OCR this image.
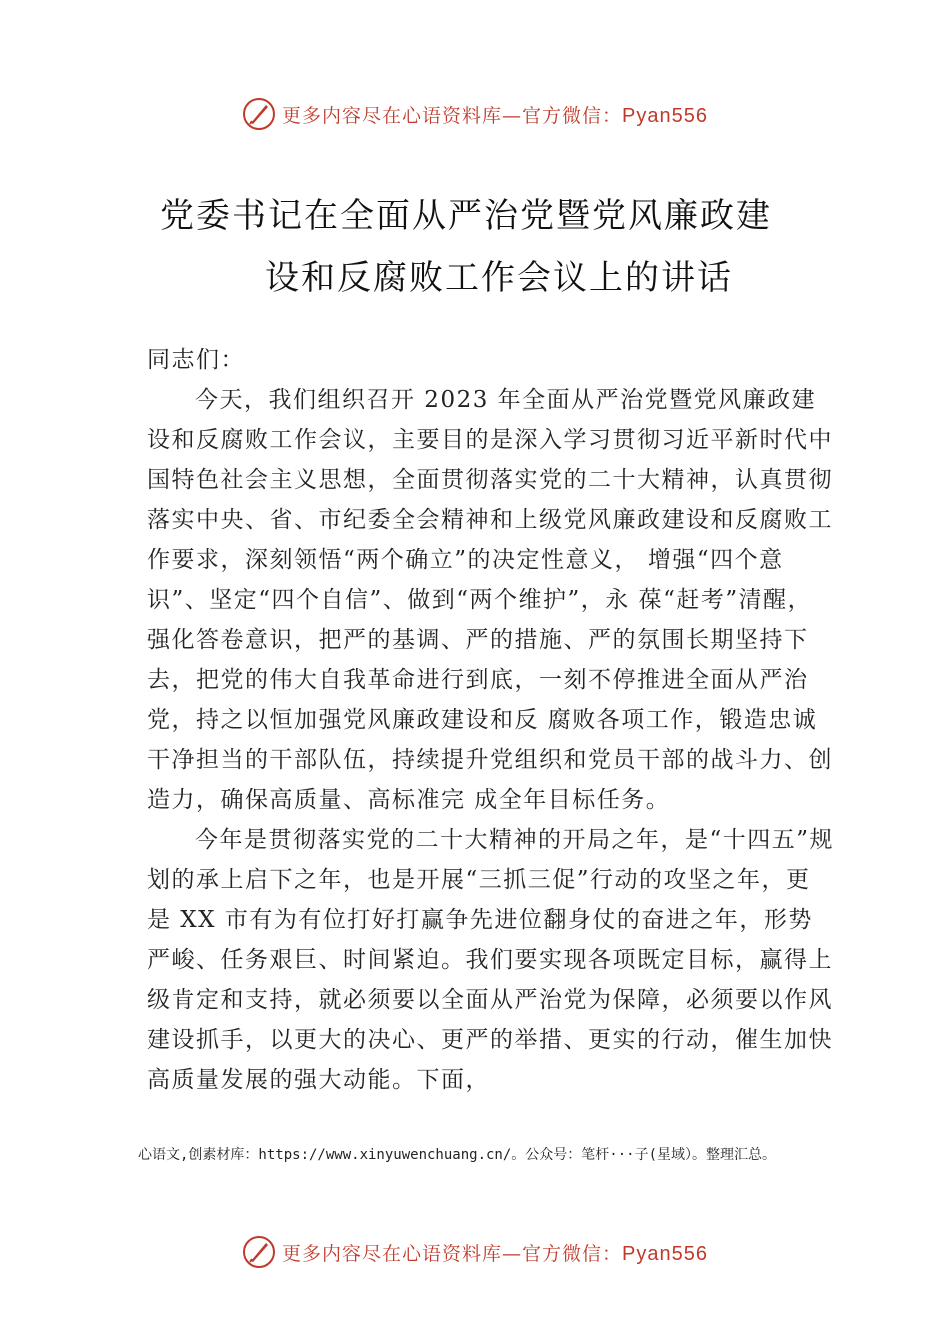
更多内容尽在心语资料库—官方微信：Pyan556
党委书记在全面从严治党暨党风廉政建
设和反腐败工作会议上的讲话

同志们：

今天，我们组织召开 2023 年全面从严治党暨党风廉政建设和反腐败工作会议，主要目的是深入学习贯彻习近平新时代中国特色社会主义思想，全面贯彻落实党的二十大精神，认真贯彻落实中央、省、市纪委全会精神和上级党风廉政建设和反腐败工作要求，深刻领悟“两个确立”的决定性意义， 增强“四个意识”、坚定“四个自信”、做到“两个维护”，永 葆“赶考”清醒，强化答卷意识，把严的基调、严的措施、严的氛围长期坚持下去，把党的伟大自我革命进行到底，一刻不停推进全面从严治党，持之以恒加强党风廉政建设和反 腐败各项工作，锻造忠诚干净担当的干部队伍，持续提升党组织和党员干部的战斗力、创造力，确保高质量、高标准完 成全年目标任务。

今年是贯彻落实党的二十大精神的开局之年，是“十四五”规划的承上启下之年，也是开展“三抓三促”行动的攻坚之年，更是 XX 市有为有位打好打赢争先进位翻身仗的奋进之年，形势严峻、任务艰巨、时间紧迫。我们要实现各项既定目标，赢得上级肯定和支持，就必须要以全面从严治党为保障，必须要以作风建设抓手，以更大的决心、更严的举措、更实的行动，催生加快高质量发展的强大动能。下面，

心语文,创素材库：https://www.xinyuwenchuang.cn/。公众号：笔杆···子(星域）。整理汇总。
更多内容尽在心语资料库—官方微信：Pyan556
